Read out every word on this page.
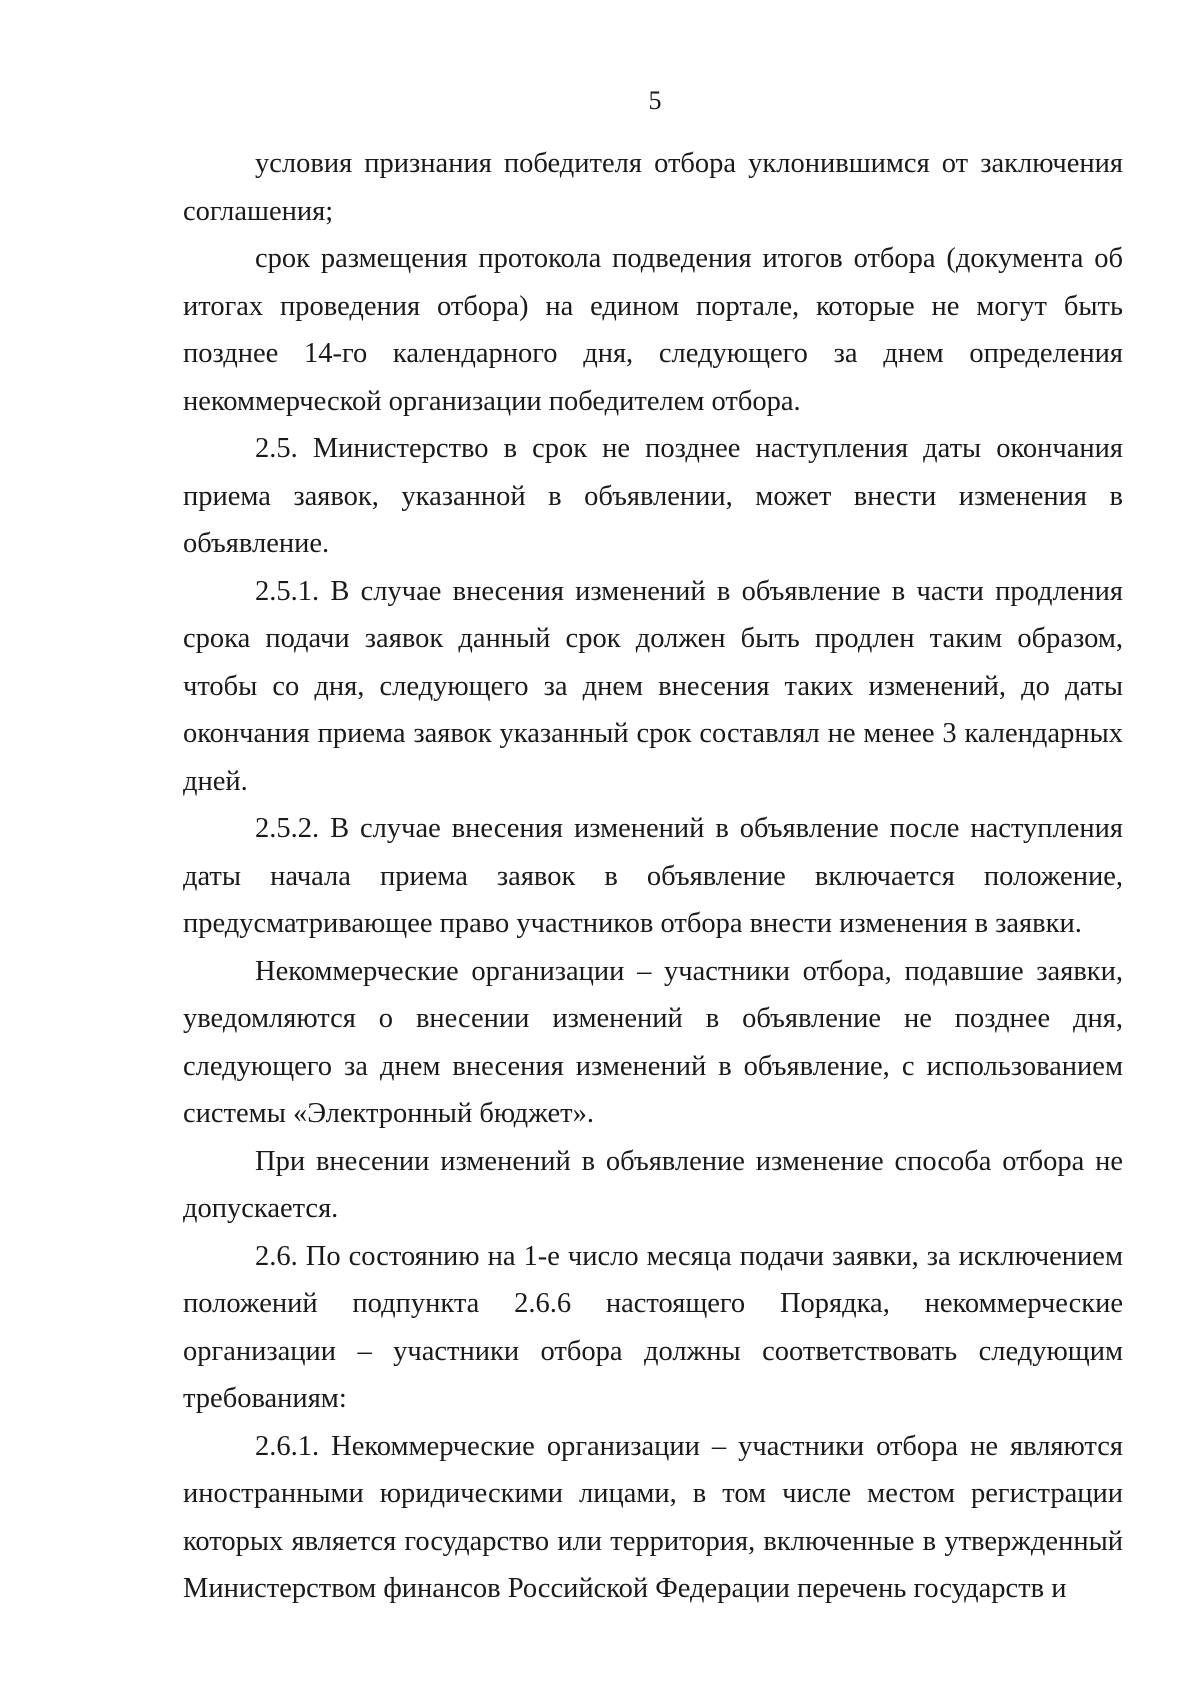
5

условия признания победителя отбора уклонившимся от заключения соглашения;

срок размещения протокола подведения итогов отбора (документа об итогах проведения отбора) на едином портале, которые не могут быть позднее 14-го календарного дня, следующего за днем определения некоммерческой организации победителем отбора.

2.5. Министерство в срок не позднее наступления даты окончания приема заявок, указанной в объявлении, может внести изменения в объявление.

2.5.1. В случае внесения изменений в объявление в части продления срока подачи заявок данный срок должен быть продлен таким образом, чтобы со дня, следующего за днем внесения таких изменений, до даты окончания приема заявок указанный срок составлял не менее 3 календарных дней.

2.5.2. В случае внесения изменений в объявление после наступления даты начала приема заявок в объявление включается положение, предусматривающее право участников отбора внести изменения в заявки.

Некоммерческие организации – участники отбора, подавшие заявки, уведомляются о внесении изменений в объявление не позднее дня, следующего за днем внесения изменений в объявление, с использованием системы «Электронный бюджет».

При внесении изменений в объявление изменение способа отбора не допускается.

2.6. По состоянию на 1-е число месяца подачи заявки, за исключением положений подпункта 2.6.6 настоящего Порядка, некоммерческие организации – участники отбора должны соответствовать следующим требованиям:

2.6.1. Некоммерческие организации – участники отбора не являются иностранными юридическими лицами, в том числе местом регистрации которых является государство или территория, включенные в утвержденный Министерством финансов Российской Федерации перечень государств и
